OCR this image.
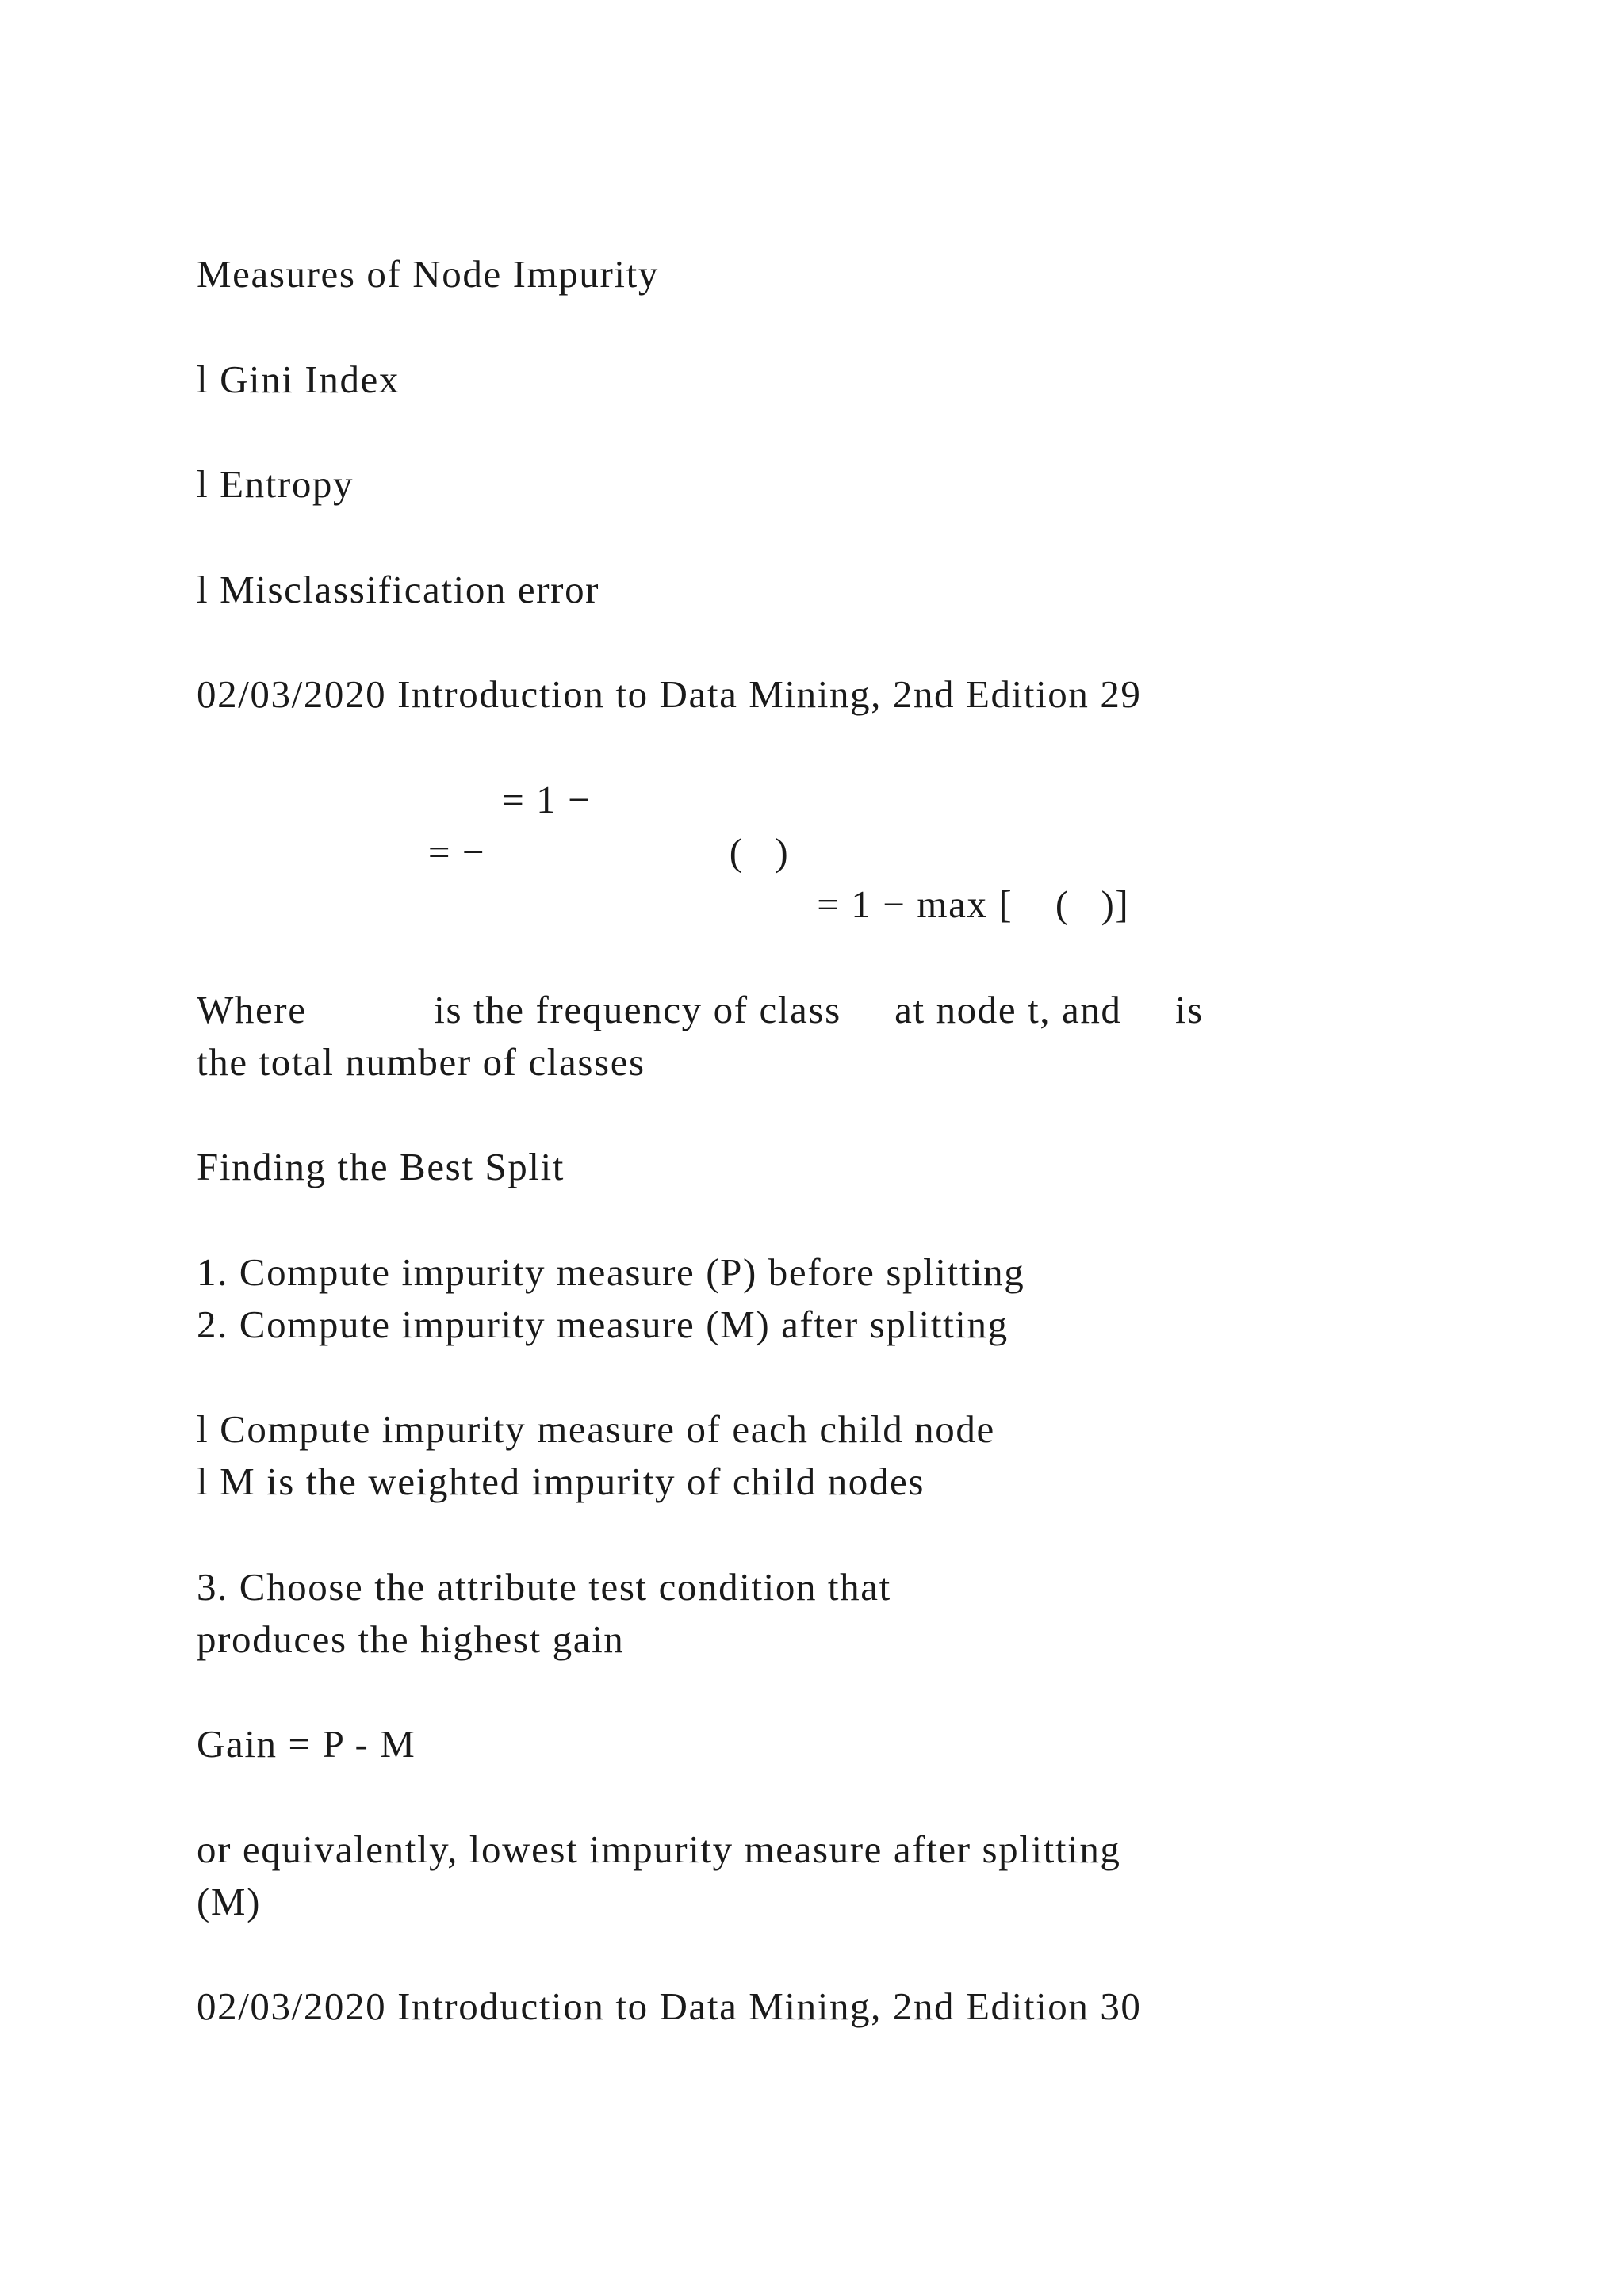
Measures of Node Impurity
l Gini Index
l Entropy
l Misclassification error
02/03/2020 Introduction to Data Mining, 2nd Edition 29
􀀀􀀀􀀀􀀀 􀀀􀀀􀀀􀀀􀀀 = 1 − 􀀀 􀀀
􀀀􀀀􀀀􀀀􀀀􀀀􀀀 = − 􀀀 􀀀 􀀀􀀀􀀀 􀀀 (􀀀)
􀀀􀀀􀀀􀀀􀀀􀀀􀀀􀀀􀀀􀀀􀀀􀀀􀀀􀀀 􀀀􀀀􀀀􀀀􀀀 = 1 − max [􀀀 (􀀀)]
Where 􀀀􀀀 􀀀 is the frequency of class 􀀀 at node t, and 􀀀 is
the total number of classes
Finding the Best Split
1. Compute impurity measure (P) before splitting
2. Compute impurity measure (M) after splitting
l Compute impurity measure of each child node
l M is the weighted impurity of child nodes
3. Choose the attribute test condition that
produces the highest gain
Gain = P - M
or equivalently, lowest impurity measure after splitting
(M)
02/03/2020 Introduction to Data Mining, 2nd Edition 30
